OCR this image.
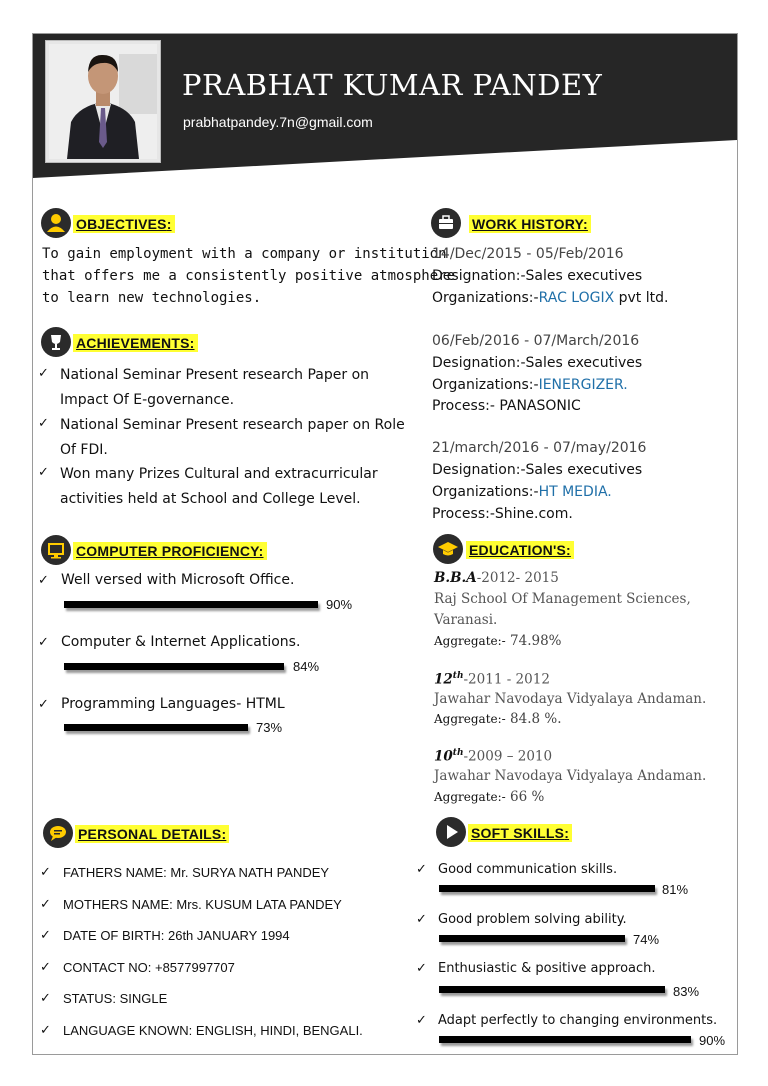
PRABHAT KUMAR PANDEY
prabhatpandey.7n@gmail.com
OBJECTIVES:
To gain employment with a company or institution
that offers me a consistently positive atmosphere
to learn new technologies.
ACHIEVEMENTS:
✓ National Seminar Present research Paper on
Impact Of E-governance.
✓ National Seminar Present research paper on Role
Of FDI.
✓ Won many Prizes Cultural and extracurricular
activities held at School and College Level.
COMPUTER PROFICIENCY:
✓ Well versed with Microsoft Office.
90%
✓ Computer & Internet Applications.
84%
✓ Programming Languages- HTML
73%
PERSONAL DETAILS:
✓ FATHERS NAME: Mr. SURYA NATH PANDEY
✓ MOTHERS NAME: Mrs. KUSUM LATA PANDEY
✓ DATE OF BIRTH: 26th JANUARY 1994
✓ CONTACT NO: +8577997707
✓ STATUS: SINGLE
✓ LANGUAGE KNOWN: ENGLISH, HINDI, BENGALI.
WORK HISTORY:
14/Dec/2015 - 05/Feb/2016
Designation:-Sales executives
Organizations:-RAC LOGIX pvt ltd.
06/Feb/2016 - 07/March/2016
Designation:-Sales executives
Organizations:-IENERGIZER.
Process:- PANASONIC
21/march/2016 - 07/may/2016
Designation:-Sales executives
Organizations:-HT MEDIA.
Process:-Shine.com.
EDUCATION'S:
B.B.A-2012- 2015
Raj School Of Management Sciences,
Varanasi.
Aggregate:- 74.98%
12th-2011 - 2012
Jawahar Navodaya Vidyalaya Andaman.
Aggregate:- 84.8 %.
10th-2009 – 2010
Jawahar Navodaya Vidyalaya Andaman.
Aggregate:- 66 %
SOFT SKILLS:
✓ Good communication skills.
81%
✓ Good problem solving ability.
74%
✓ Enthusiastic & positive approach.
83%
✓ Adapt perfectly to changing environments.
90%
